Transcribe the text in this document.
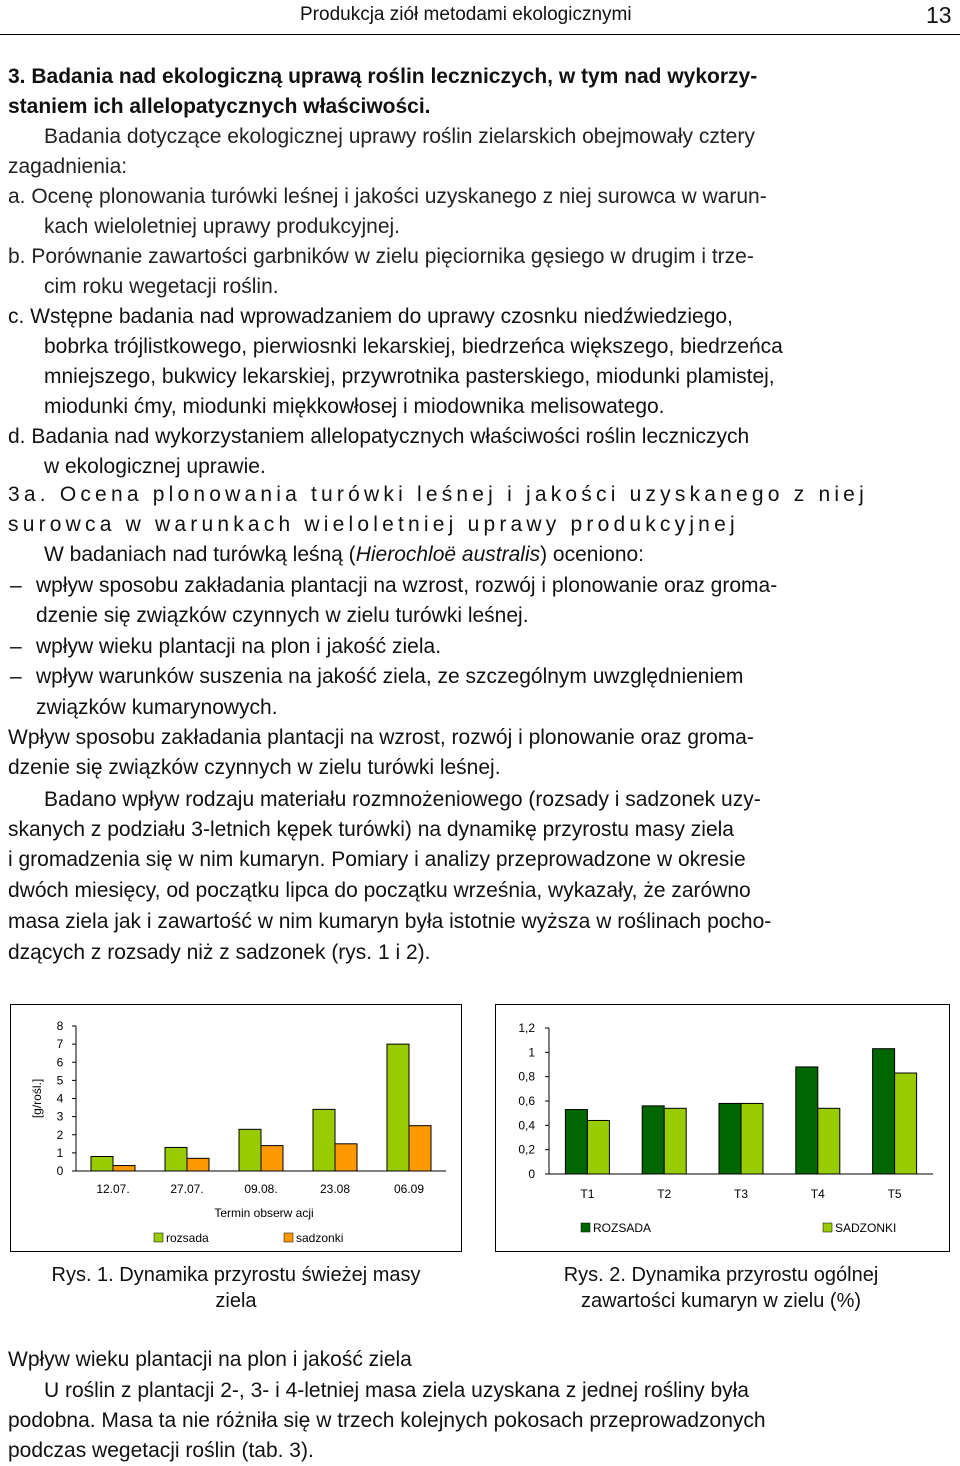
Produkcja ziół metodami ekologicznymi	13
3. Badania nad ekologiczną uprawą roślin leczniczych, w tym nad wykorzy-
staniem ich allelopatycznych właściwości.
Badania dotyczące ekologicznej uprawy roślin zielarskich obejmowały cztery
zagadnienia:
a. Ocenę plonowania turówki leśnej i jakości uzyskanego z niej surowca w warun-
kach wieloletniej uprawy produkcyjnej.
b. Porównanie zawartości garbników w zielu pięciornika gęsiego w drugim i trze-
cim roku wegetacji roślin.
c. Wstępne badania nad wprowadzaniem do uprawy czosnku niedźwiedziego,
bobrka trójlistkowego, pierwiosnki lekarskiej, biedrzeńca większego, biedrzeńca
mniejszego, bukwicy lekarskiej, przywrotnika pasterskiego, miodunki plamistej,
miodunki ćmy, miodunki miękkowłosej i miodownika melisowatego.
d. Badania nad wykorzystaniem allelopatycznych właściwości roślin leczniczych
w ekologicznej uprawie.
3a. Ocena plonowania turówki leśnej i jakości uzyskanego z niej
surowca w warunkach wieloletniej uprawy produkcyjnej
W badaniach nad turówką leśną (Hierochloë australis) oceniono:
– wpływ sposobu zakładania plantacji na wzrost, rozwój i plonowanie oraz groma-
dzenie się związków czynnych w zielu turówki leśnej.
– wpływ wieku plantacji na plon i jakość ziela.
– wpływ warunków suszenia na jakość ziela, ze szczególnym uwzględnieniem
związków kumarynowych.
Wpływ sposobu zakładania plantacji na wzrost, rozwój i plonowanie oraz groma-
dzenie się związków czynnych w zielu turówki leśnej.
Badano wpływ rodzaju materiału rozmnożeniowego (rozsady i sadzonek uzy-
skanych z podziału 3-letnich kępek turówki) na dynamikę przyrostu masy ziela
i gromadzenia się w nim kumaryn. Pomiary i analizy przeprowadzone w okresie
dwóch miesięcy, od początku lipca do początku września, wykazały, że zarówno
masa ziela jak i zawartość w nim kumaryn była istotnie wyższa w roślinach pocho-
dzących z rozsady niż z sadzonek (rys. 1 i 2).
8
7
6
5
4
3
2
1
0
[g/rośl.]
12.07.	27.07.	09.08.	23.08	06.09
Termin obserw acji
rozsada	sadzonki
1,2
1
0,8
0,6
0,4
0,2
0
T1	T2	T3	T4	T5
ROZSADA	SADZONKI
Rys. 1. Dynamika przyrostu świeżej masy
ziela
Rys. 2. Dynamika przyrostu ogólnej
zawartości kumaryn w zielu (%)
Wpływ wieku plantacji na plon i jakość ziela
U roślin z plantacji 2-, 3- i 4-letniej masa ziela uzyskana z jednej rośliny była
podobna. Masa ta nie różniła się w trzech kolejnych pokosach przeprowadzonych
podczas wegetacji roślin (tab. 3).
